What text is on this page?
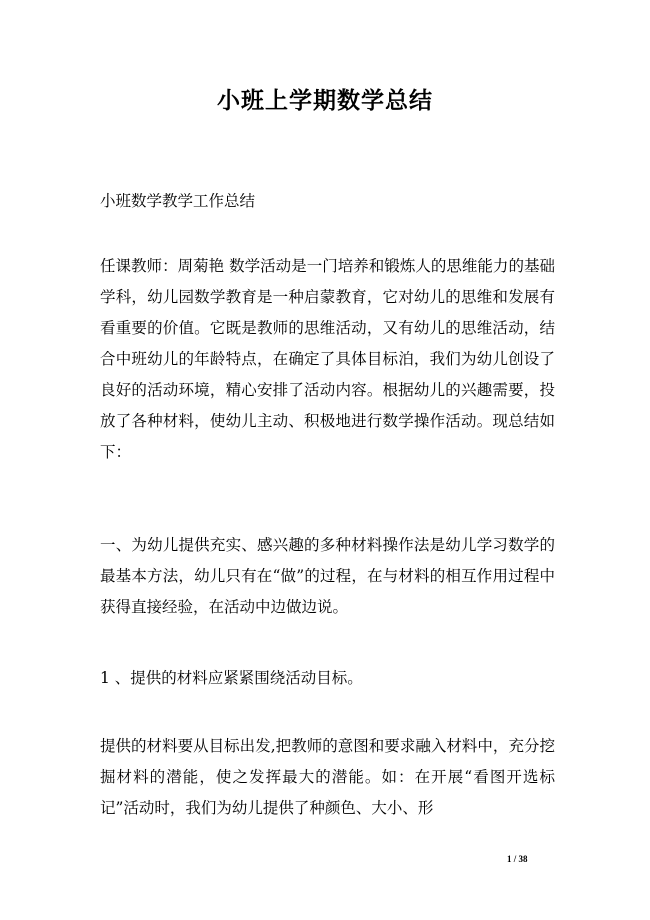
小班上学期数学总结
小班数学教学工作总结
任课教师：周菊艳 数学活动是一门培养和锻炼人的思维能力的基础学科，幼儿园数学教育是一种启蒙教育，它对幼儿的思维和发展有看重要的价值。它既是教师的思维活动，又有幼儿的思维活动，结合中班幼儿的年龄特点，在确定了具体目标泊，我们为幼儿创设了良好的活动环境，精心安排了活动内容。根据幼儿的兴趣需要，投放了各种材料，使幼儿主动、积极地进行数学操作活动。现总结如下：
一、为幼儿提供充实、感兴趣的多种材料操作法是幼儿学习数学的最基本方法，幼儿只有在“做”的过程，在与材料的相互作用过程中获得直接经验，在活动中边做边说。
1 、提供的材料应紧紧围绕活动目标。
提供的材料要从目标出发,把教师的意图和要求融入材料中，充分挖掘材料的潜能，使之发挥最大的潜能。如：在开展“看图开选标记”活动时，我们为幼儿提供了种颜色、大小、形
1 / 38
